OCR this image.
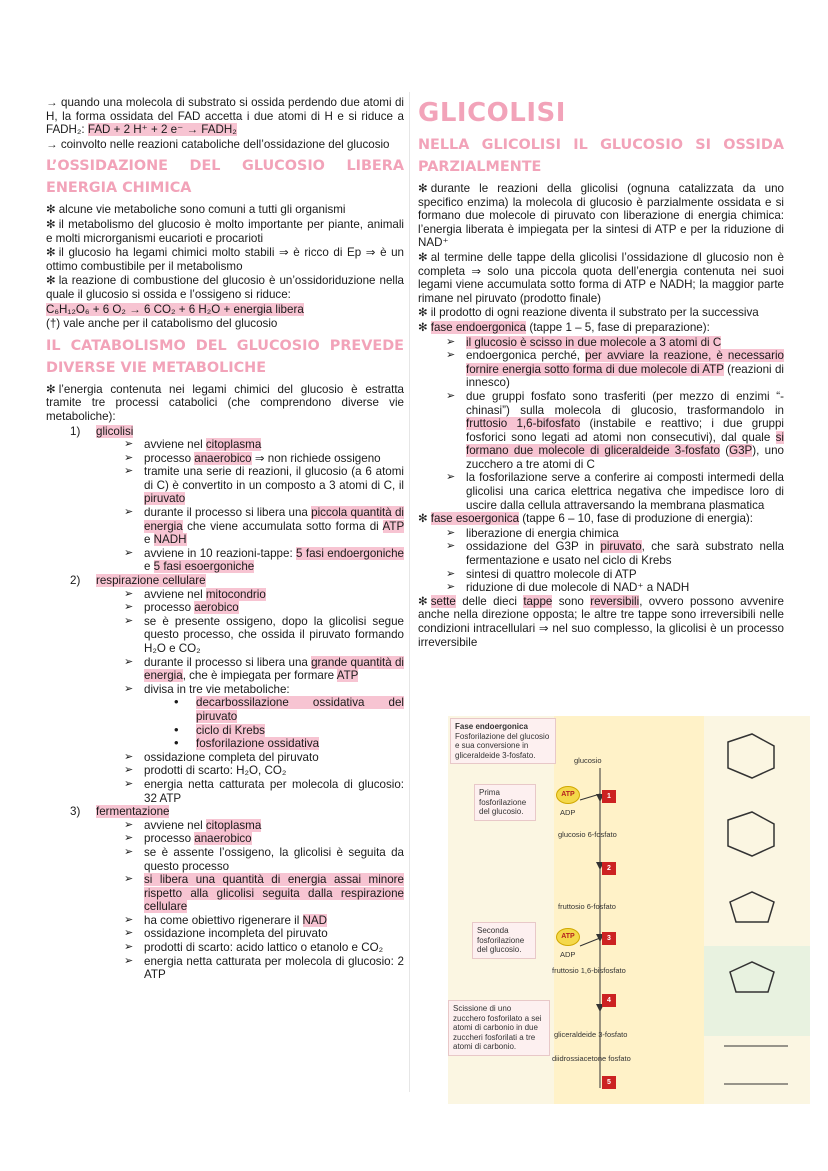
→ quando una molecola di substrato si ossida perdendo due atomi di H, la forma ossidata del FAD accetta i due atomi di H e si riduce a FADH₂: FAD + 2 H⁺ + 2 e⁻ → FADH₂

→ coinvolto nelle reazioni cataboliche dell’ossidazione del glucosio

L’OSSIDAZIONE DEL GLUCOSIO LIBERA ENERGIA CHIMICA

✻ alcune vie metaboliche sono comuni a tutti gli organismi

✻ il metabolismo del glucosio è molto importante per piante, animali e molti microrganismi eucarioti e procarioti

✻ il glucosio ha legami chimici molto stabili ⇒ è ricco di Ep ⇒ è un ottimo combustibile per il metabolismo

✻ la reazione di combustione del glucosio è un’ossidoriduzione nella quale il glucosio si ossida e l’ossigeno si riduce:

C₆H₁₂O₆ + 6 O₂ → 6 CO₂ + 6 H₂O + energia libera

(†) vale anche per il catabolismo del glucosio

IL CATABOLISMO DEL GLUCOSIO PREVEDE DIVERSE VIE METABOLICHE

✻ l’energia contenuta nei legami chimici del glucosio è estratta tramite tre processi catabolici (che comprendono diverse vie metaboliche):

1) glicolisi
➢ avviene nel citoplasma
➢ processo anaerobico ⇒ non richiede ossigeno
➢ tramite una serie di reazioni, il glucosio (a 6 atomi di C) è convertito in un composto a 3 atomi di C, il piruvato
➢ durante il processo si libera una piccola quantità di energia che viene accumulata sotto forma di ATP e NADH
➢ avviene in 10 reazioni-tappe: 5 fasi endoergoniche e 5 fasi esoergoniche
2) respirazione cellulare
➢ avviene nel mitocondrio
➢ processo aerobico
➢ se è presente ossigeno, dopo la glicolisi segue questo processo, che ossida il piruvato formando H₂O e CO₂
➢ durante il processo si libera una grande quantità di energia, che è impiegata per formare ATP
➢ divisa in tre vie metaboliche:
• decarbossilazione ossidativa del piruvato
• ciclo di Krebs
• fosforilazione ossidativa
➢ ossidazione completa del piruvato
➢ prodotti di scarto: H₂O, CO₂
➢ energia netta catturata per molecola di glucosio: 32 ATP
3) fermentazione
➢ avviene nel citoplasma
➢ processo anaerobico
➢ se è assente l’ossigeno, la glicolisi è seguita da questo processo
➢ si libera una quantità di energia assai minore rispetto alla glicolisi seguita dalla respirazione cellulare
➢ ha come obiettivo rigenerare il NAD
➢ ossidazione incompleta del piruvato
➢ prodotti di scarto: acido lattico o etanolo e CO₂
➢ energia netta catturata per molecola di glucosio: 2 ATP
GLICOLISI
NELLA GLICOLISI IL GLUCOSIO SI OSSIDA PARZIALMENTE

✻ durante le reazioni della glicolisi (ognuna catalizzata da uno specifico enzima) la molecola di glucosio è parzialmente ossidata e si formano due molecole di piruvato con liberazione di energia chimica: l’energia liberata è impiegata per la sintesi di ATP e per la riduzione di NAD⁺

✻ al termine delle tappe della glicolisi l’ossidazione dl glucosio non è completa ⇒ solo una piccola quota dell’energia contenuta nei suoi legami viene accumulata sotto forma di ATP e NADH; la maggior parte rimane nel piruvato (prodotto finale)

✻ il prodotto di ogni reazione diventa il substrato per la successiva

✻ fase endoergonica (tappe 1 – 5, fase di preparazione):

➢ il glucosio è scisso in due molecole a 3 atomi di C
➢ endoergonica perché, per avviare la reazione, è necessario fornire energia sotto forma di due molecole di ATP (reazioni di innesco)
➢ due gruppi fosfato sono trasferiti (per mezzo di enzimi “-chinasi”) sulla molecola di glucosio, trasformandolo in fruttosio 1,6-bifosfato (instabile e reattivo; i due gruppi fosforici sono legati ad atomi non consecutivi), dal quale si formano due molecole di gliceraldeide 3-fosfato (G3P), uno zucchero a tre atomi di C
➢ la fosforilazione serve a conferire ai composti intermedi della glicolisi una carica elettrica negativa che impedisce loro di uscire dalla cellula attraversando la membrana plasmatica

✻ fase esoergonica (tappe 6 – 10, fase di produzione di energia):

➢ liberazione di energia chimica
➢ ossidazione del G3P in piruvato, che sarà substrato nella fermentazione e usato nel ciclo di Krebs
➢ sintesi di quattro molecole di ATP
➢ riduzione di due molecole di NAD⁺ a NADH

✻ sette delle dieci tappe sono reversibili, ovvero possono avvenire anche nella direzione opposta; le altre tre tappe sono irreversibili nelle condizioni intracellulari ⇒ nel suo complesso, la glicolisi è un processo irreversibile

Fase endoergonica
Fosforilazione del glucosio e sua conversione in gliceraldeide 3-fosfato.
Prima fosforilazione del glucosio.
Seconda fosforilazione del glucosio.
Scissione di uno zucchero fosforilato a sei atomi di carbonio in due zuccheri fosforilati a tre atomi di carbonio.
glucosio
glucosio 6-fosfato
fruttosio 6-fosfato
fruttosio 1,6-bisfosfato
gliceraldeide 3-fosfato
diidrossiacetone fosfato
ATP
ADP
ATP
ADP
1
2
3
4
5
